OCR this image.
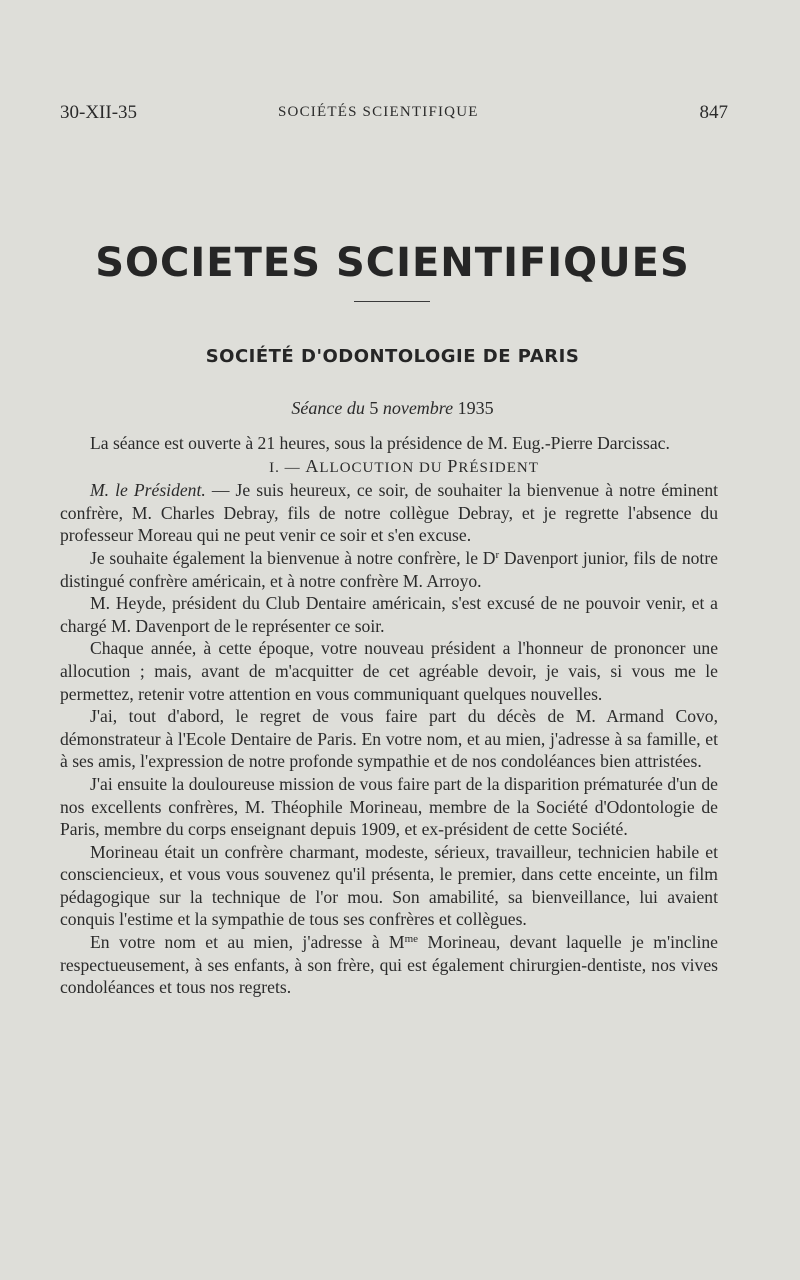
30-XII-35	SOCIÉTÉS SCIENTIFIQUE	847
SOCIETES SCIENTIFIQUES
SOCIÉTÉ D'ODONTOLOGIE DE PARIS
Séance du 5 novembre 1935

La séance est ouverte à 21 heures, sous la présidence de M. Eug.-Pierre Darcissac.

I. — ALLOCUTION DU PRÉSIDENT

M. le Président. — Je suis heureux, ce soir, de souhaiter la bienvenue à notre éminent confrère, M. Charles Debray, fils de notre collègue Debray, et je regrette l'absence du professeur Moreau qui ne peut venir ce soir et s'en excuse.

Je souhaite également la bienvenue à notre confrère, le $D^r$ Davenport junior, fils de notre distingué confrère américain, et à notre confrère M. Arroyo.

M. Heyde, président du Club Dentaire américain, s'est excusé de ne pouvoir venir, et a chargé M. Davenport de le représenter ce soir.

Chaque année, à cette époque, votre nouveau président a l'honneur de prononcer une allocution ; mais, avant de m'acquitter de cet agréable devoir, je vais, si vous me le permettez, retenir votre attention en vous communiquant quelques nouvelles.

J'ai, tout d'abord, le regret de vous faire part du décès de M. Armand Covo, démonstrateur à l'Ecole Dentaire de Paris. En votre nom, et au mien, j'adresse à sa famille, et à ses amis, l'expression de notre profonde sympathie et de nos condoléances bien attristées.

J'ai ensuite la douloureuse mission de vous faire part de la disparition prématurée d'un de nos excellents confrères, M. Théophile Morineau, membre de la Société d'Odontologie de Paris, membre du corps enseignant depuis 1909, et ex-président de cette Société.

Morineau était un confrère charmant, modeste, sérieux, travailleur, technicien habile et consciencieux, et vous vous souvenez qu'il présenta, le premier, dans cette enceinte, un film pédagogique sur la technique de l'or mou. Son amabilité, sa bienveillance, lui avaient conquis l'estime et la sympathie de tous ses confrères et collègues.

En votre nom et au mien, j'adresse à $M^{me}$ Morineau, devant laquelle je m'incline respectueusement, à ses enfants, à son frère, qui est également chirurgien-dentiste, nos vives condoléances et tous nos regrets.
